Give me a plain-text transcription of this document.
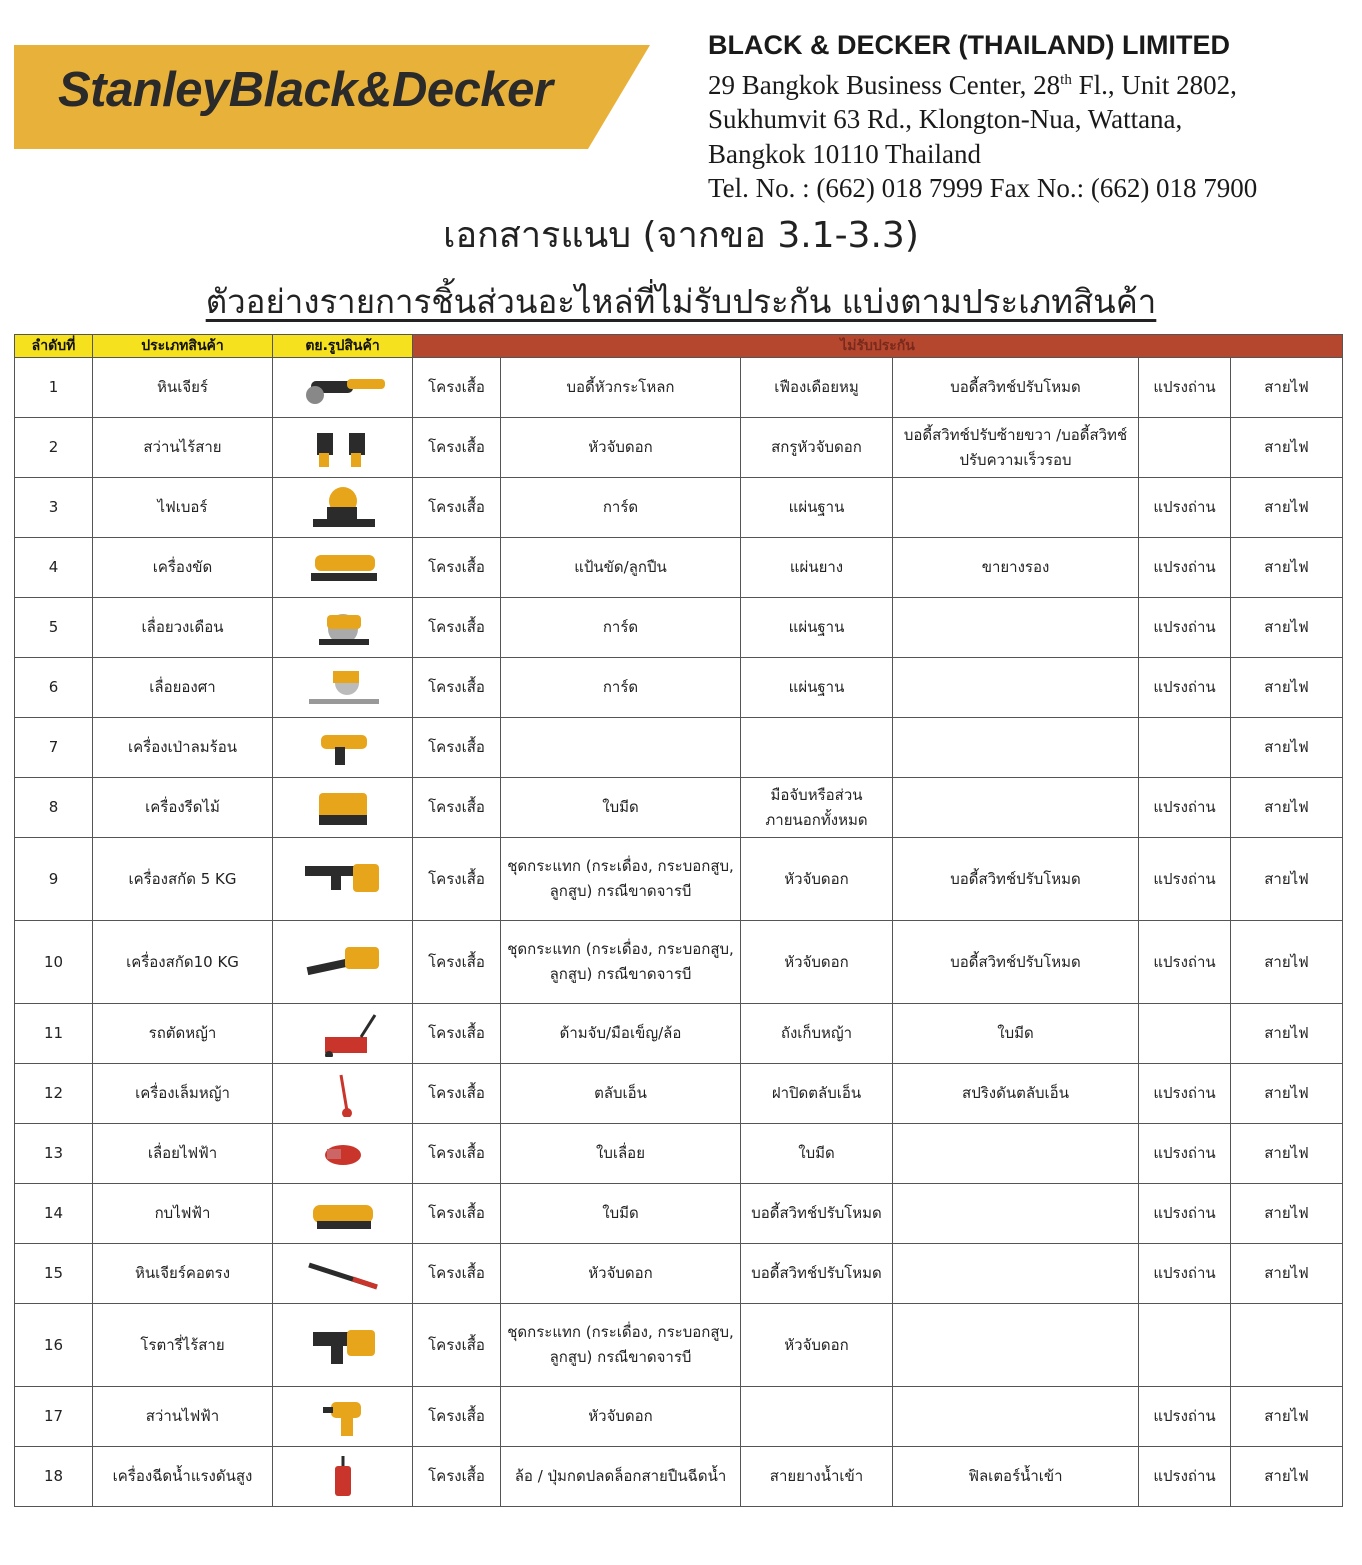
StanleyBlack&Decker
BLACK & DECKER (THAILAND) LIMITED
29 Bangkok Business Center, 28th Fl., Unit 2802,
Sukhumvit 63 Rd., Klongton-Nua, Wattana,
Bangkok 10110 Thailand
Tel. No. : (662) 018 7999 Fax No.: (662) 018 7900
เอกสารแนบ (จากขอ 3.1-3.3)
ตัวอย่างรายการชิ้นส่วนอะไหล่ที่ไม่รับประกัน แบ่งตามประเภทสินค้า
ลำดับที่	ประเภทสินค้า	ตย.รูปสินค้า	ไม่รับประกัน					
1	หินเจียร์		โครงเสื้อ	บอดี้หัวกระโหลก	เฟืองเดือยหมู	บอดี้สวิทช์ปรับโหมด	แปรงถ่าน	สายไฟ
2	สว่านไร้สาย		โครงเสื้อ	หัวจับดอก	สกรูหัวจับดอก	บอดี้สวิทช์ปรับซ้ายขวา /บอดี้สวิทช์ปรับความเร็วรอบ		สายไฟ
3	ไฟเบอร์		โครงเสื้อ	การ์ด	แผ่นฐาน		แปรงถ่าน	สายไฟ
4	เครื่องขัด		โครงเสื้อ	แป้นขัด/ลูกปืน	แผ่นยาง	ขายางรอง	แปรงถ่าน	สายไฟ
5	เลื่อยวงเดือน		โครงเสื้อ	การ์ด	แผ่นฐาน		แปรงถ่าน	สายไฟ
6	เลื่อยองศา		โครงเสื้อ	การ์ด	แผ่นฐาน		แปรงถ่าน	สายไฟ
7	เครื่องเป่าลมร้อน		โครงเสื้อ					สายไฟ
8	เครื่องรีดไม้		โครงเสื้อ	ใบมีด	มือจับหรือส่วนภายนอกทั้งหมด		แปรงถ่าน	สายไฟ
9	เครื่องสกัด 5 KG		โครงเสื้อ	ชุดกระแทก (กระเดื่อง, กระบอกสูบ, ลูกสูบ) กรณีขาดจารบี	หัวจับดอก	บอดี้สวิทช์ปรับโหมด	แปรงถ่าน	สายไฟ
10	เครื่องสกัด10 KG		โครงเสื้อ	ชุดกระแทก (กระเดื่อง, กระบอกสูบ, ลูกสูบ) กรณีขาดจารบี	หัวจับดอก	บอดี้สวิทช์ปรับโหมด	แปรงถ่าน	สายไฟ
11	รถตัดหญ้า		โครงเสื้อ	ด้ามจับ/มือเข็ญ/ล้อ	ถังเก็บหญ้า	ใบมีด		สายไฟ
12	เครื่องเล็มหญ้า		โครงเสื้อ	ตลับเอ็น	ฝาปิดตลับเอ็น	สปริงดันตลับเอ็น	แปรงถ่าน	สายไฟ
13	เลื่อยไฟฟ้า		โครงเสื้อ	ใบเลื่อย	ใบมีด		แปรงถ่าน	สายไฟ
14	กบไฟฟ้า		โครงเสื้อ	ใบมีด	บอดี้สวิทช์ปรับโหมด		แปรงถ่าน	สายไฟ
15	หินเจียร์คอตรง		โครงเสื้อ	หัวจับดอก	บอดี้สวิทช์ปรับโหมด		แปรงถ่าน	สายไฟ
16	โรตารี่ไร้สาย		โครงเสื้อ	ชุดกระแทก (กระเดื่อง, กระบอกสูบ, ลูกสูบ) กรณีขาดจารบี	หัวจับดอก			
17	สว่านไฟฟ้า		โครงเสื้อ	หัวจับดอก			แปรงถ่าน	สายไฟ
18	เครื่องฉีดน้ำแรงดันสูง		โครงเสื้อ	ล้อ / ปุ่มกดปลดล็อกสายปืนฉีดน้ำ	สายยางน้ำเข้า	ฟิลเตอร์น้ำเข้า	แปรงถ่าน	สายไฟ
